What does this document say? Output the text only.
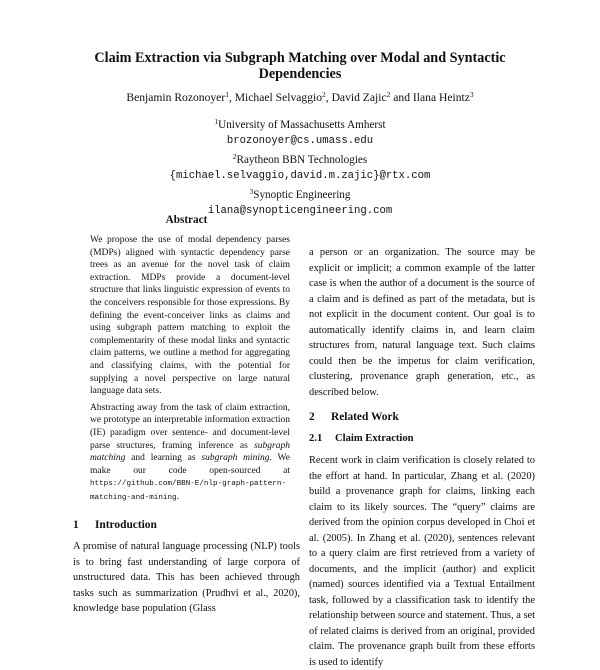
Claim Extraction via Subgraph Matching over Modal and Syntactic Dependencies
Benjamin Rozonoyer$^1$, Michael Selvaggio$^2$, David Zajic$^2$ and Ilana Heintz$^3$
$^1$University of Massachusetts Amherst
brozonoyer@cs.umass.edu
$^2$Raytheon BBN Technologies
{michael.selvaggio,david.m.zajic}@rtx.com
$^3$Synoptic Engineering
ilana@synopticengineering.com
Abstract

We propose the use of modal dependency parses (MDPs) aligned with syntactic dependency parse trees as an avenue for the novel task of claim extraction. MDPs provide a document-level structure that links linguistic expression of events to the conceivers responsible for those expressions. By defining the event-conceiver links as claims and using subgraph pattern matching to exploit the complementarity of these modal links and syntactic claim patterns, we outline a method for aggregating and classifying claims, with the potential for supplying a novel perspective on large natural language data sets.

Abstracting away from the task of claim extraction, we prototype an interpretable information extraction (IE) paradigm over sentence- and document-level parse structures, framing inference as subgraph matching and learning as subgraph mining. We make our code open-sourced at https://github.com/BBN-E/nlp-graph-pattern-matching-and-mining.

1 Introduction

A promise of natural language processing (NLP) tools is to bring fast understanding of large corpora of unstructured data. This has been achieved through tasks such as summarization (Prudhvi et al., 2020), knowledge base population (Glass

a person or an organization. The source may be explicit or implicit; a common example of the latter case is when the author of a document is the source of a claim and is defined as part of the metadata, but is not explicit in the document content. Our goal is to automatically identify claims in, and learn claim structures from, natural language text. Such claims could then be the impetus for claim verification, clustering, provenance graph generation, etc., as described below.

2 Related Work
2.1 Claim Extraction

Recent work in claim verification is closely related to the effort at hand. In particular, Zhang et al. (2020) build a provenance graph for claims, linking each claim to its likely sources. The “query” claims are derived from the opinion corpus developed in Choi et al. (2005). In Zhang et al. (2020), sentences relevant to a query claim are first retrieved from a variety of documents, and the implicit (author) and explicit (named) sources identified via a Textual Entailment task, followed by a classification task to identify the relationship between source and statement. Thus, a set of related claims is derived from an original, provided claim. The provenance graph built from these efforts is used to identify
